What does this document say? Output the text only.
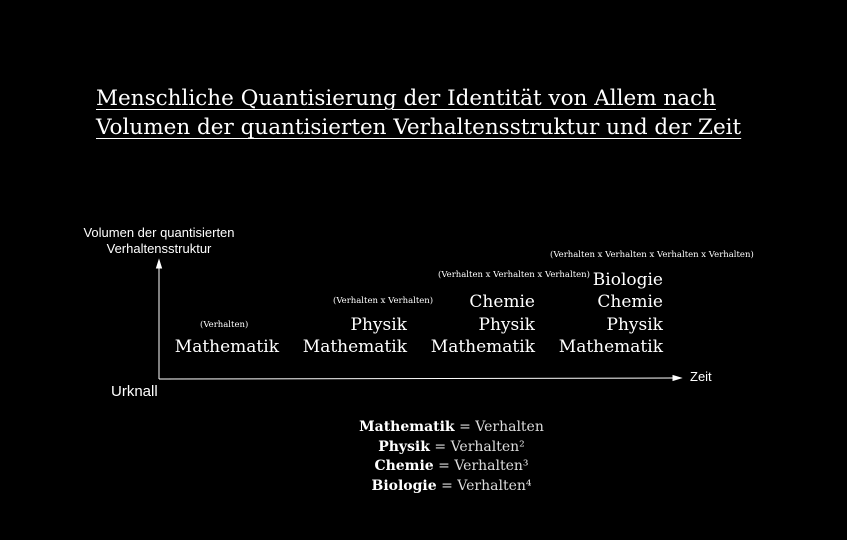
Menschliche Quantisierung der Identität von Allem nach
Volumen der quantisierten Verhaltensstruktur und der Zeit
Volumen der quantisierten
Verhaltensstruktur
Zeit
Urknall
(Verhalten)
Mathematik
(Verhalten x Verhalten)
Physik
Mathematik
(Verhalten x Verhalten x Verhalten)
Chemie
Physik
Mathematik
(Verhalten x Verhalten x Verhalten x Verhalten)
Biologie
Chemie
Physik
Mathematik
Mathematik = Verhalten
Physik = Verhalten²
Chemie = Verhalten³
Biologie = Verhalten⁴
